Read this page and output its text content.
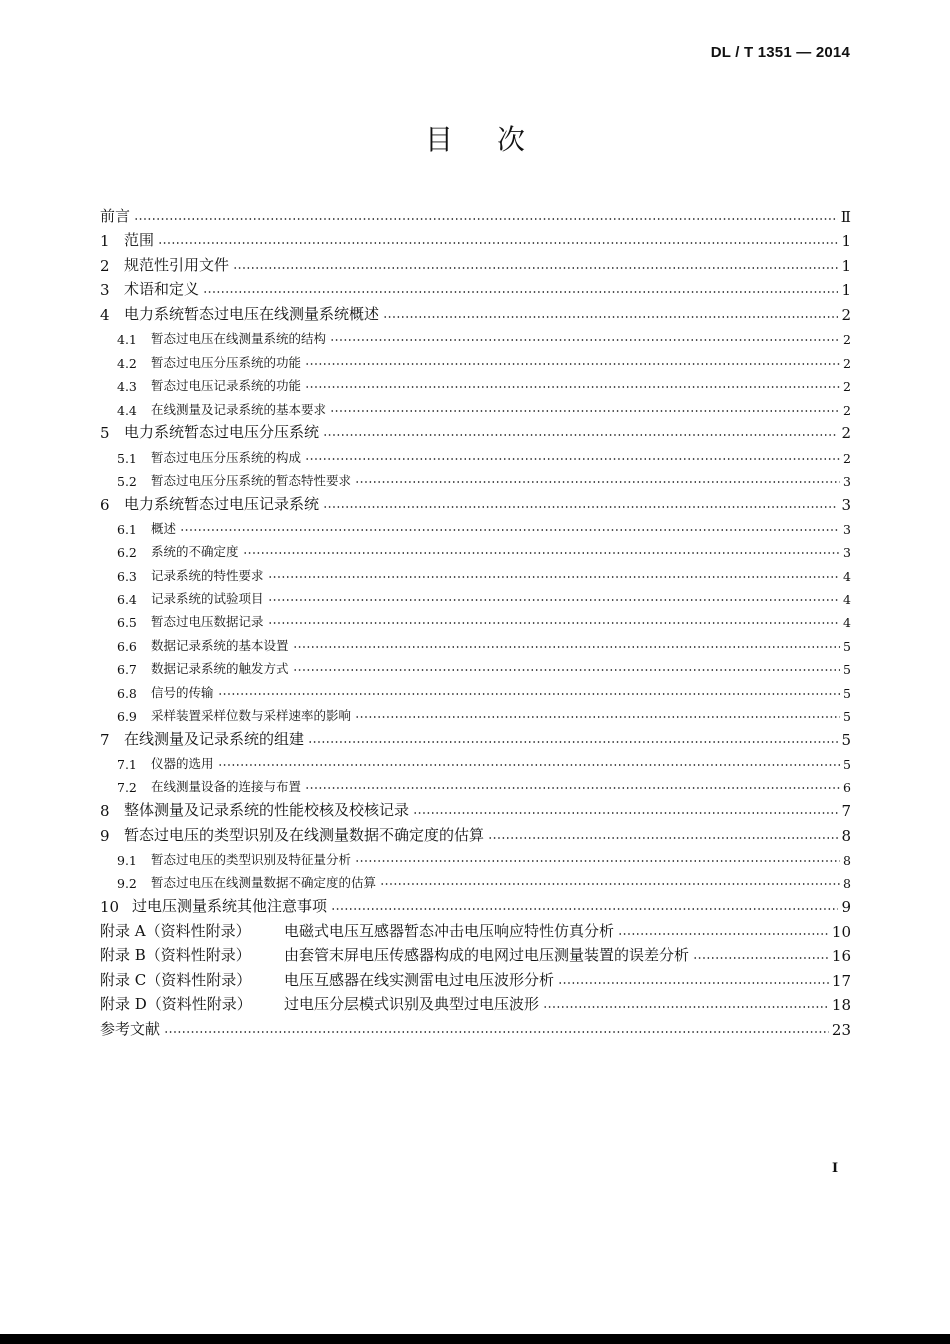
DL / T 1351 — 2014
目 次
前言	Ⅱ
1 范围	1
2 规范性引用文件	1
3 术语和定义	1
4 电力系统暂态过电压在线测量系统概述	2
4.1	暂态过电压在线测量系统的结构	2
4.2	暂态过电压分压系统的功能	2
4.3	暂态过电压记录系统的功能	2
4.4	在线测量及记录系统的基本要求	2
5 电力系统暂态过电压分压系统	2
5.1	暂态过电压分压系统的构成	2
5.2	暂态过电压分压系统的暂态特性要求	3
6 电力系统暂态过电压记录系统	3
6.1	概述	3
6.2	系统的不确定度	3
6.3	记录系统的特性要求	4
6.4	记录系统的试验项目	4
6.5	暂态过电压数据记录	4
6.6	数据记录系统的基本设置	5
6.7	数据记录系统的触发方式	5
6.8	信号的传输	5
6.9	采样装置采样位数与采样速率的影响	5
7 在线测量及记录系统的组建	5
7.1	仪器的选用	5
7.2	在线测量设备的连接与布置	6
8 整体测量及记录系统的性能校核及校核记录	7
9 暂态过电压的类型识别及在线测量数据不确定度的估算	8
9.1	暂态过电压的类型识别及特征量分析	8
9.2	暂态过电压在线测量数据不确定度的估算	8
10 过电压测量系统其他注意事项	9
附录 A（资料性附录）	电磁式电压互感器暂态冲击电压响应特性仿真分析	10
附录 B（资料性附录）	由套管末屏电压传感器构成的电网过电压测量装置的误差分析	16
附录 C（资料性附录）	电压互感器在线实测雷电过电压波形分析	17
附录 D（资料性附录）	过电压分层模式识别及典型过电压波形	18
参考文献	23
I
